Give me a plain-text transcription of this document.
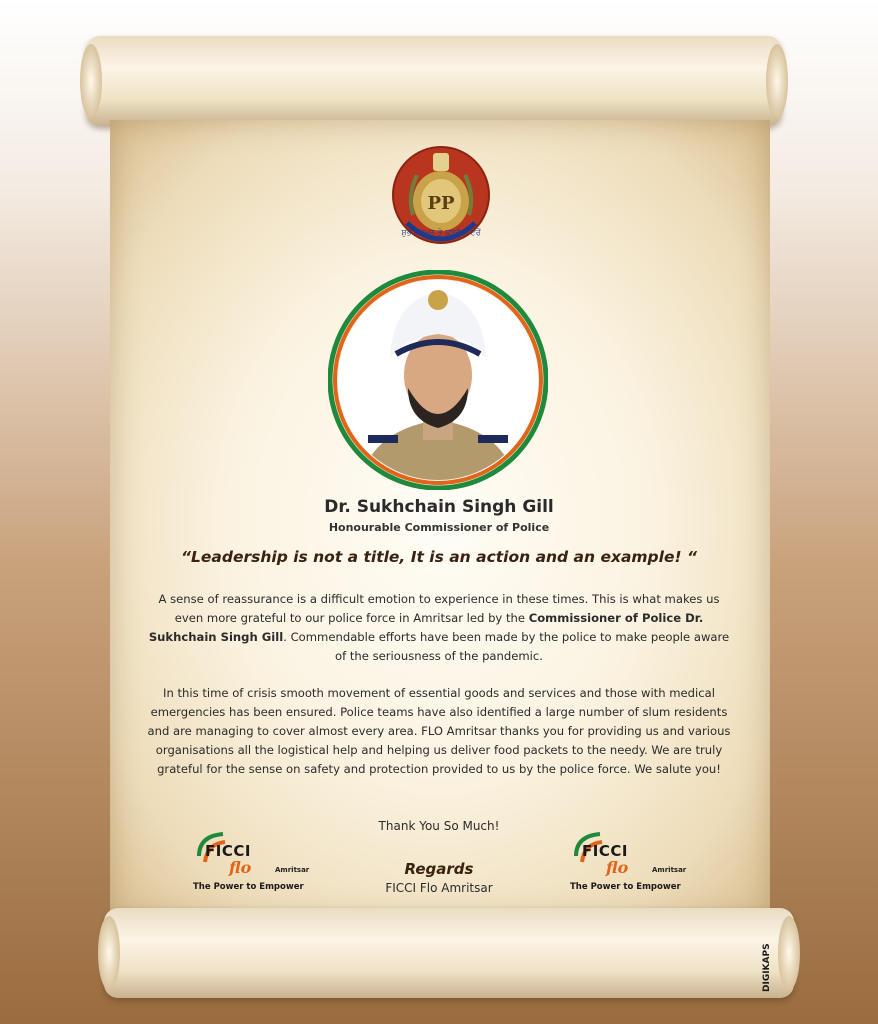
PP
ਸ਼ੁਭ ਕਰਮਨ ਤੇ ਕਬਹੂੰ ਨ ਟਰੋਂ
Dr. Sukhchain Singh Gill
Honourable Commissioner of Police
“Leadership is not a title, It is an action and an example! “
A sense of reassurance is a difficult emotion to experience in these times. This is what makes us even more grateful to our police force in Amritsar led by the Commissioner of Police Dr. Sukhchain Singh Gill. Commendable efforts have been made by the police to make people aware of the seriousness of the pandemic.
In this time of crisis smooth movement of essential goods and services and those with medical emergencies has been ensured. Police teams have also identified a large number of slum residents and are managing to cover almost every area. FLO Amritsar thanks you for providing us and various organisations all the logistical help and helping us deliver food packets to the needy. We are truly grateful for the sense on safety and protection provided to us by the police force. We salute you!
Thank You So Much!
Regards
FICCI Flo Amritsar
FICCI
flo	Amritsar
The Power to Empower
FICCI
flo	Amritsar
The Power to Empower
DIGIKAPS
